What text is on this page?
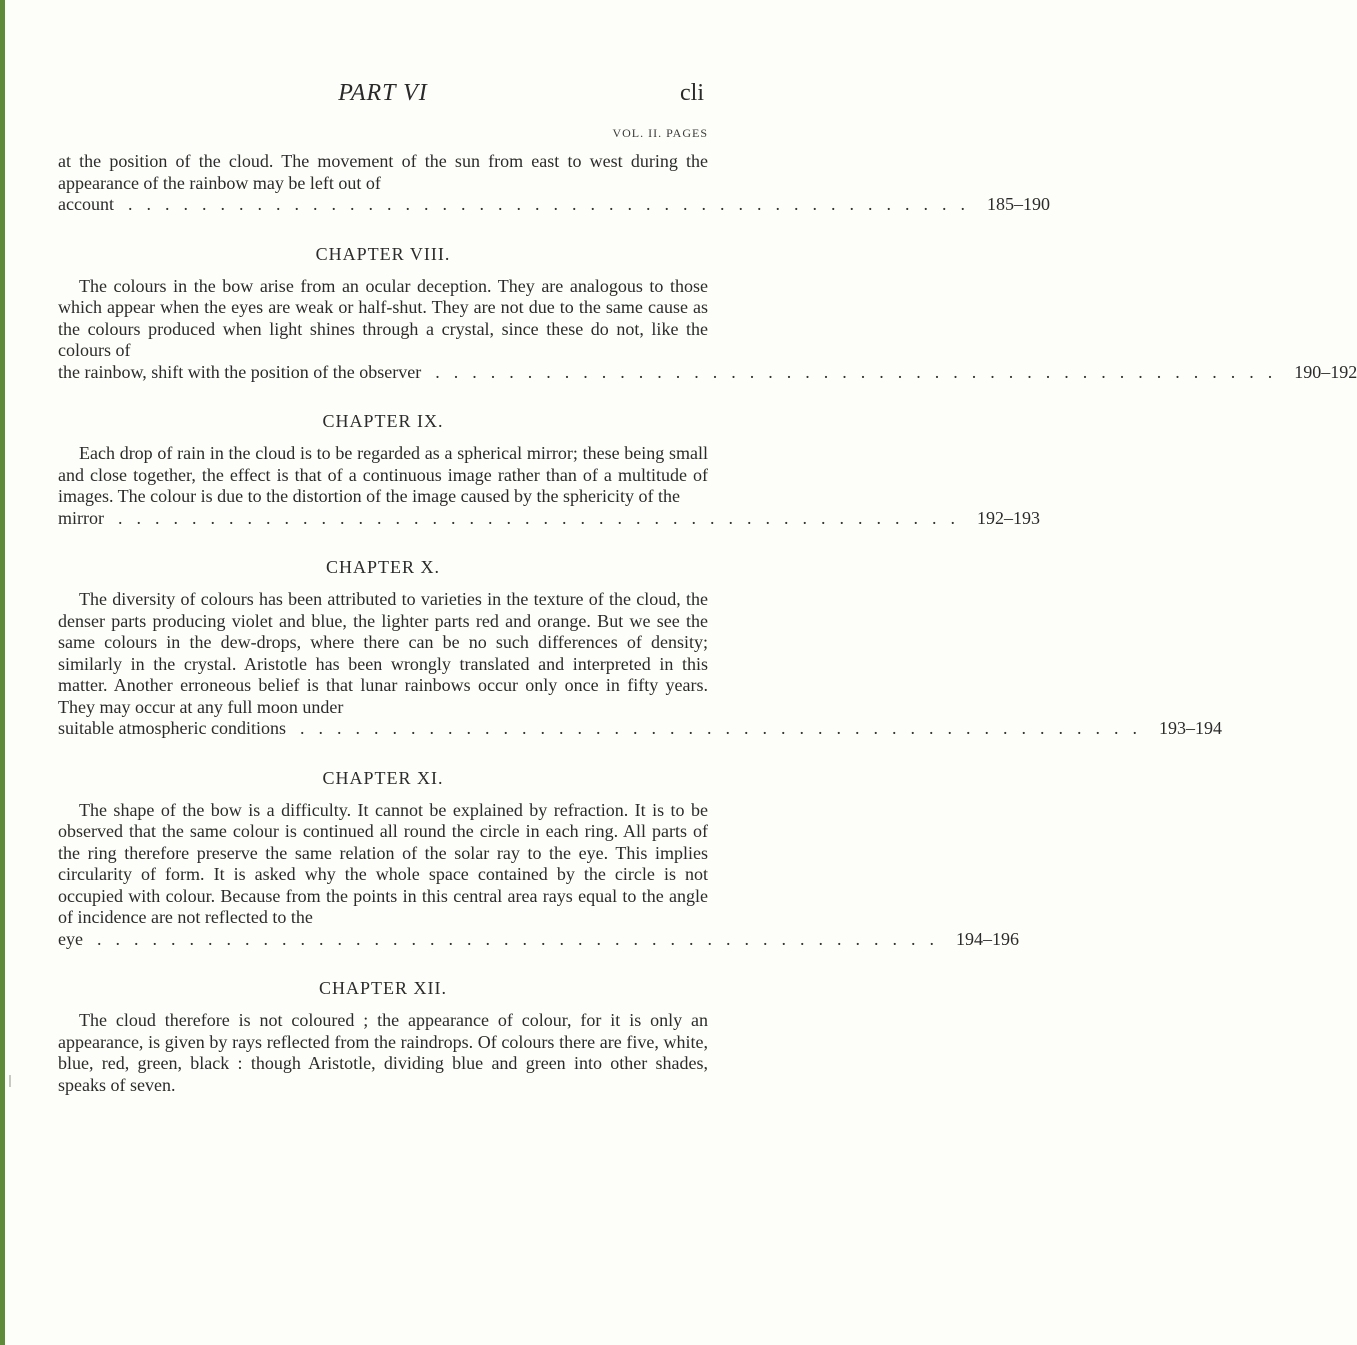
PART VI	cli
VOL. II. PAGES

at the position of the cloud. The movement of the sun from east to west during the appearance of the rainbow may be left out of

account .............................................. 185–190
CHAPTER VIII.

The colours in the bow arise from an ocular deception. They are analogous to those which appear when the eyes are weak or half-shut. They are not due to the same cause as the colours produced when light shines through a crystal, since these do not, like the colours of

the rainbow, shift with the position of the observer .............................................. 190–192
CHAPTER IX.

Each drop of rain in the cloud is to be regarded as a spherical mirror; these being small and close together, the effect is that of a continuous image rather than of a multitude of images. The colour is due to the distortion of the image caused by the sphericity of the

mirror .............................................. 192–193
CHAPTER X.

The diversity of colours has been attributed to varieties in the texture of the cloud, the denser parts producing violet and blue, the lighter parts red and orange. But we see the same colours in the dew-drops, where there can be no such differences of density; similarly in the crystal. Aristotle has been wrongly translated and interpreted in this matter. Another erroneous belief is that lunar rainbows occur only once in fifty years. They may occur at any full moon under

suitable atmospheric conditions .............................................. 193–194
CHAPTER XI.

The shape of the bow is a difficulty. It cannot be explained by refraction. It is to be observed that the same colour is continued all round the circle in each ring. All parts of the ring therefore preserve the same relation of the solar ray to the eye. This implies circularity of form. It is asked why the whole space contained by the circle is not occupied with colour. Because from the points in this central area rays equal to the angle of incidence are not reflected to the

eye .............................................. 194–196
CHAPTER XII.

The cloud therefore is not coloured ; the appearance of colour, for it is only an appearance, is given by rays reflected from the raindrops. Of colours there are five, white, blue, red, green, black : though Aristotle, dividing blue and green into other shades, speaks of seven.
